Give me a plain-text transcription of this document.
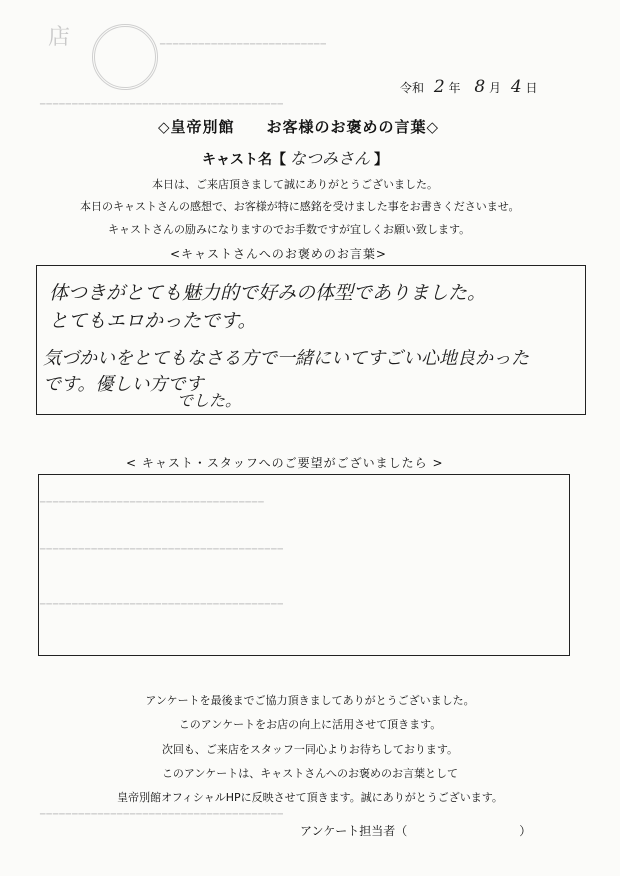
店	━━━━━━━━━━━━━━━━━━━━━━━━━━
━━━━━━━━━━━━━━━━━━━━━━━━━━━━━━━━━━━━━━
━━━━━━━━━━━━━━━━━━━━━━━━━━━━━━━━━━━
━━━━━━━━━━━━━━━━━━━━━━━━━━━━━━━━━━━━━━
━━━━━━━━━━━━━━━━━━━━━━━━━━━━━━━━━━━━━━
━━━━━━━━━━━━━━━━━━━━━━━━━━━━━━━━━━━━━━
令和 2 年 8 月 4 日
◇皇帝別館　　お客様のお褒めの言葉◇
キャスト名【 なつみさん 】
本日は、ご来店頂きまして誠にありがとうございました。
本日のキャストさんの感想で、お客様が特に感銘を受けました事をお書きくださいませ。
キャストさんの励みになりますのでお手数ですが宜しくお願い致します。
<キャストさんへのお褒めのお言葉>
体つきがとても魅力的で好みの体型でありました。
とてもエロかったです。
気づかいをとてもなさる方で一緒にいてすごい心地良かった
です。優しい方です
でした。
< キャスト・スタッフへのご要望がございましたら >
アンケートを最後までご協力頂きましてありがとうございました。
このアンケートをお店の向上に活用させて頂きます。
次回も、ご来店をスタッフ一同心よりお待ちしております。
このアンケートは、キャストさんへのお褒めのお言葉として
皇帝別館オフィシャルHPに反映させて頂きます。誠にありがとうございます。
アンケート担当者（	）
